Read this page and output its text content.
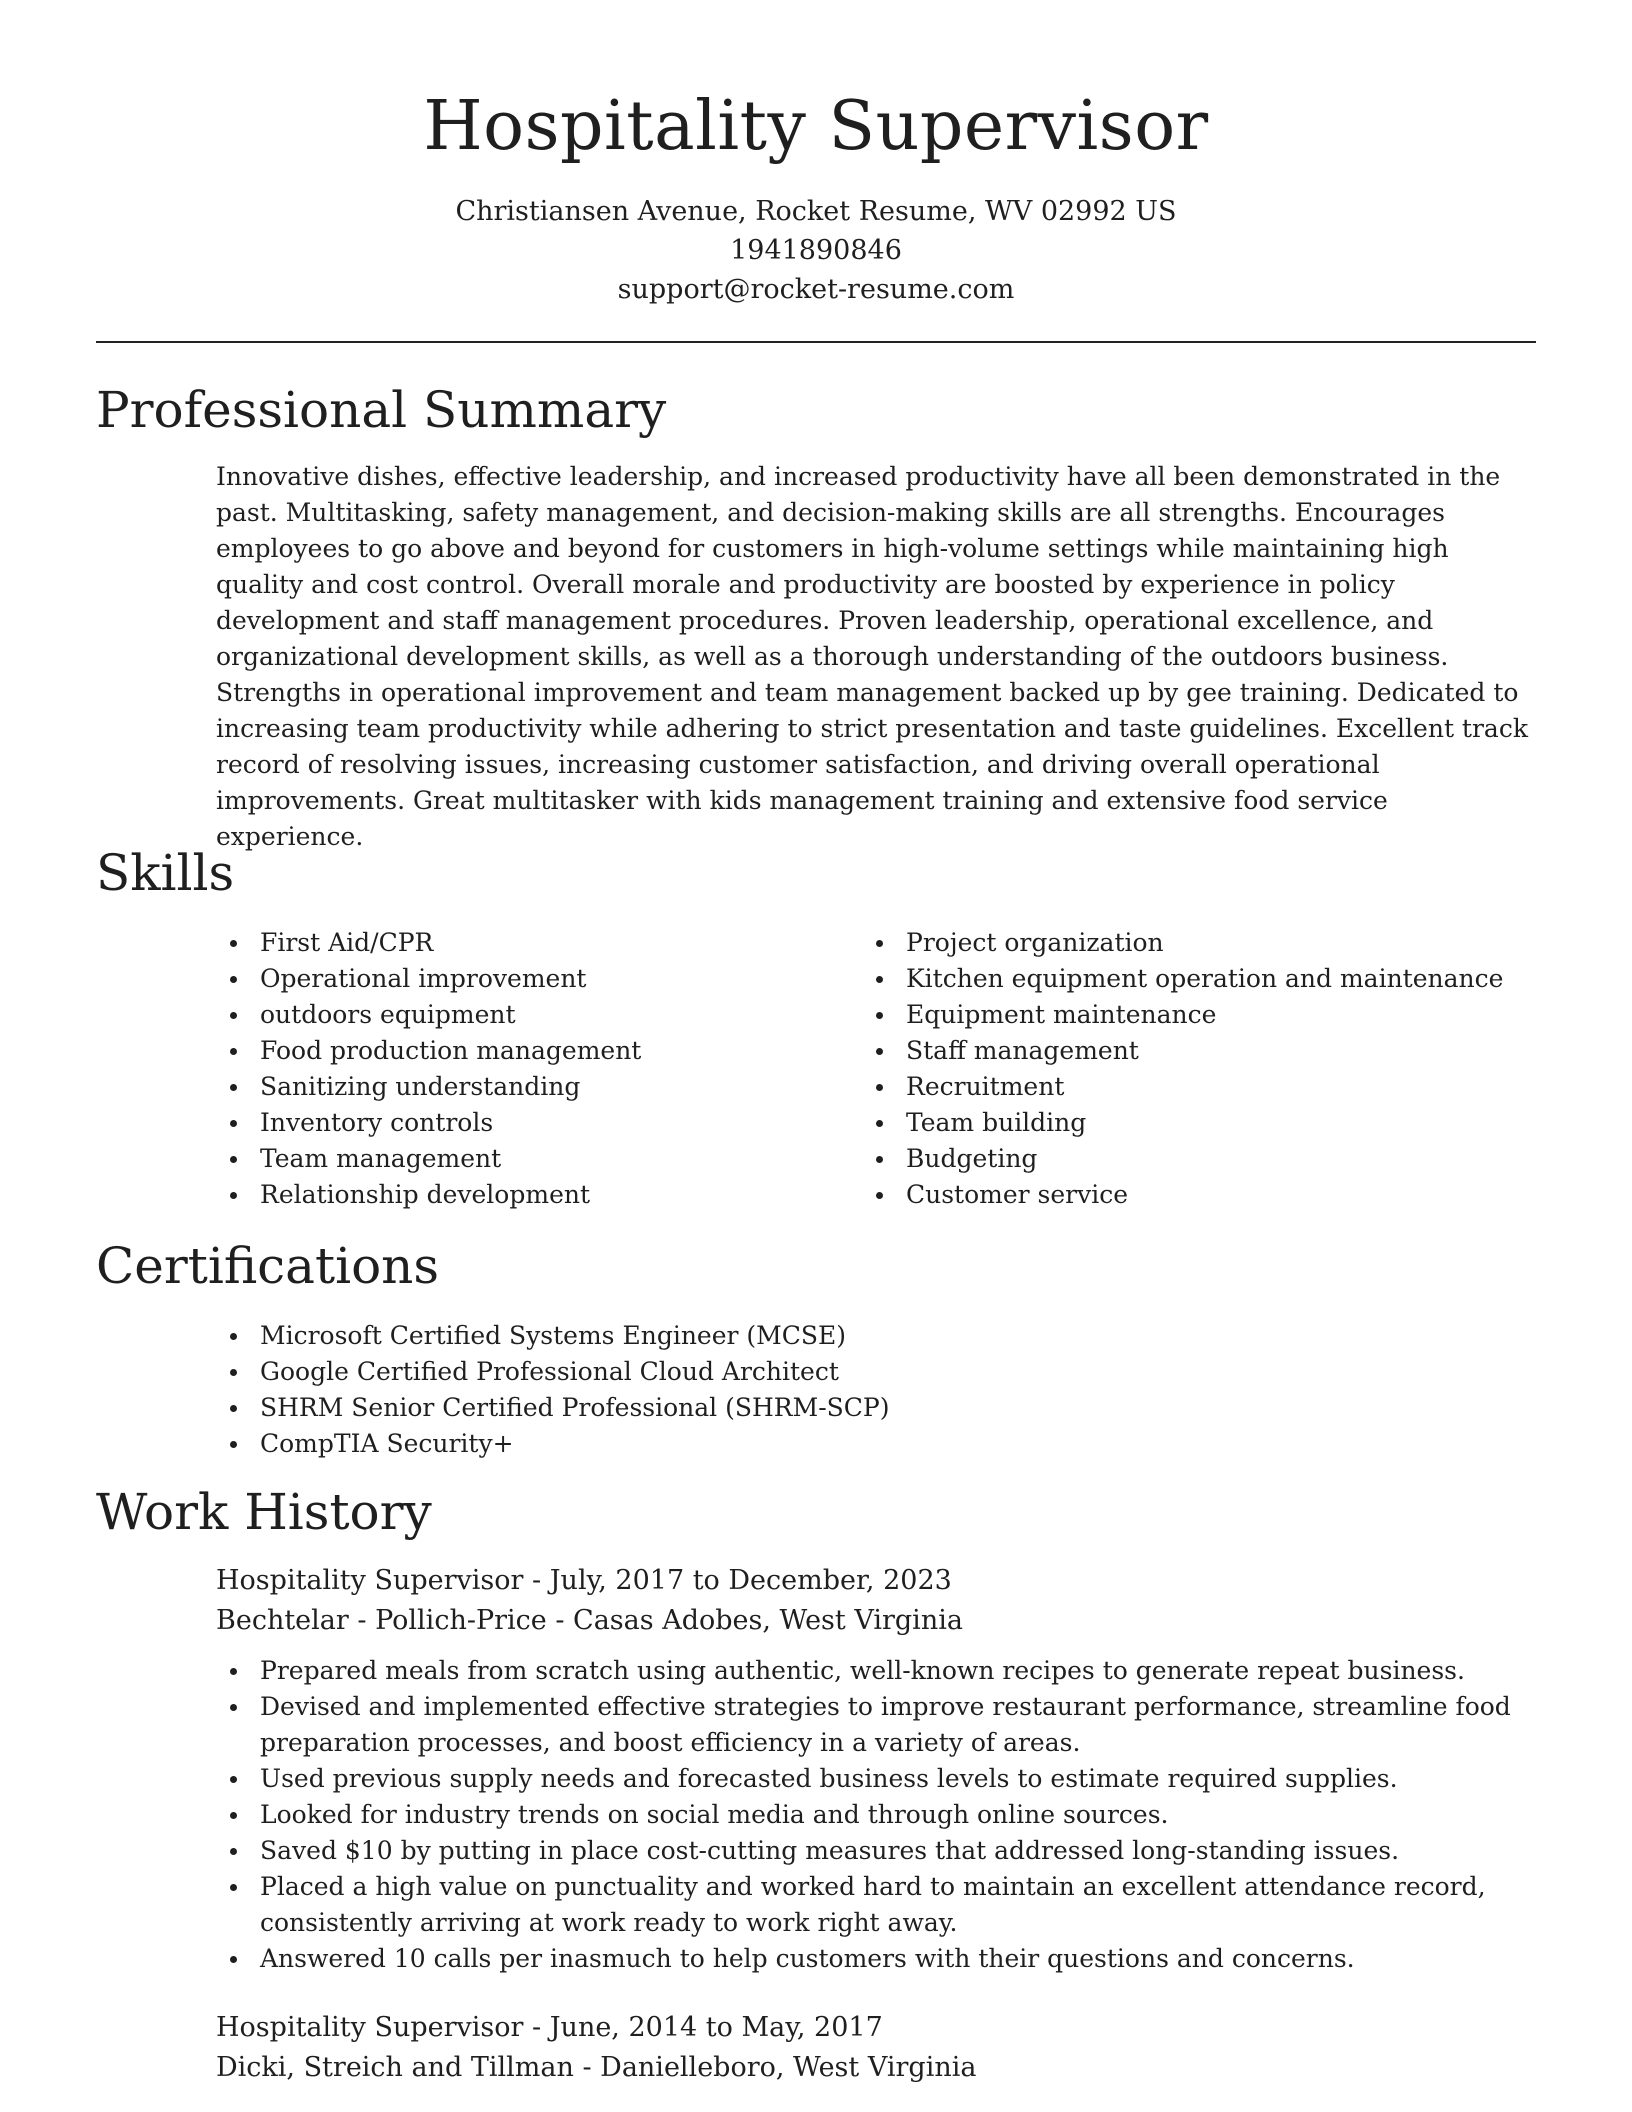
Hospitality Supervisor
Christiansen Avenue, Rocket Resume, WV 02992 US
1941890846
support@rocket-resume.com
Professional Summary

Innovative dishes, effective leadership, and increased productivity have all been demonstrated in the past. Multitasking, safety management, and decision-making skills are all strengths. Encourages employees to go above and beyond for customers in high-volume settings while maintaining high quality and cost control. Overall morale and productivity are boosted by experience in policy development and staff management procedures. Proven leadership, operational excellence, and organizational development skills, as well as a thorough understanding of the outdoors business. Strengths in operational improvement and team management backed up by gee training. Dedicated to increasing team productivity while adhering to strict presentation and taste guidelines. Excellent track record of resolving issues, increasing customer satisfaction, and driving overall operational improvements. Great multitasker with kids management training and extensive food service experience.

Skills
First Aid/CPR
Operational improvement
outdoors equipment
Food production management
Sanitizing understanding
Inventory controls
Team management
Relationship development
Project organization
Kitchen equipment operation and maintenance
Equipment maintenance
Staff management
Recruitment
Team building
Budgeting
Customer service
Certifications
Microsoft Certified Systems Engineer (MCSE)
Google Certified Professional Cloud Architect
SHRM Senior Certified Professional (SHRM-SCP)
CompTIA Security+
Work History
Hospitality Supervisor - July, 2017 to December, 2023
Bechtelar - Pollich-Price - Casas Adobes, West Virginia
Prepared meals from scratch using authentic, well-known recipes to generate repeat business.
Devised and implemented effective strategies to improve restaurant performance, streamline food preparation processes, and boost efficiency in a variety of areas.
Used previous supply needs and forecasted business levels to estimate required supplies.
Looked for industry trends on social media and through online sources.
Saved $10 by putting in place cost-cutting measures that addressed long-standing issues.
Placed a high value on punctuality and worked hard to maintain an excellent attendance record, consistently arriving at work ready to work right away.
Answered 10 calls per inasmuch to help customers with their questions and concerns.
Hospitality Supervisor - June, 2014 to May, 2017
Dicki, Streich and Tillman - Danielleboro, West Virginia
